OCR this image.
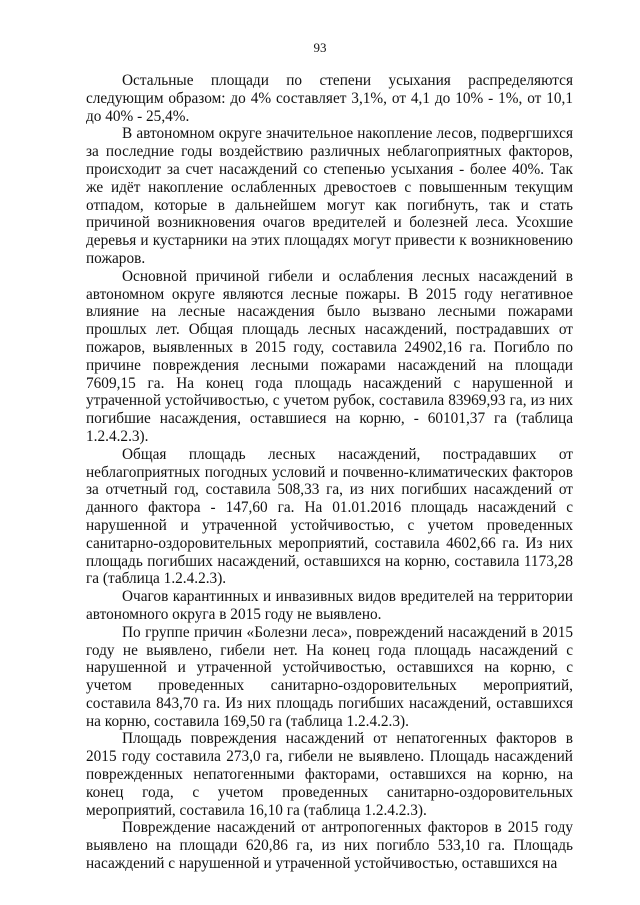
93

Остальные площади по степени усыхания распределяются следующим образом: до 4% составляет 3,1%, от 4,1 до 10% - 1%, от 10,1 до 40% - 25,4%.

В автономном округе значительное накопление лесов, подвергшихся за последние годы воздействию различных неблагоприятных факторов, происходит за счет насаждений со степенью усыхания - более 40%. Так же идёт накопление ослабленных древостоев с повышенным текущим отпадом, которые в дальнейшем могут как погибнуть, так и стать причиной возникновения очагов вредителей и болезней леса. Усохшие деревья и кустарники на этих площадях могут привести к возникновению пожаров.

Основной причиной гибели и ослабления лесных насаждений в автономном округе являются лесные пожары. В 2015 году негативное влияние на лесные насаждения было вызвано лесными пожарами прошлых лет. Общая площадь лесных насаждений, пострадавших от пожаров, выявленных в 2015 году, составила 24902,16 га. Погибло по причине повреждения лесными пожарами насаждений на площади 7609,15 га. На конец года площадь насаждений с нарушенной и утраченной устойчивостью, с учетом рубок, составила 83969,93 га, из них погибшие насаждения, оставшиеся на корню, - 60101,37 га (таблица 1.2.4.2.3).

Общая площадь лесных насаждений, пострадавших от неблагоприятных погодных условий и почвенно-климатических факторов за отчетный год, составила 508,33 га, из них погибших насаждений от данного фактора - 147,60 га. На 01.01.2016 площадь насаждений с нарушенной и утраченной устойчивостью, с учетом проведенных санитарно-оздоровительных мероприятий, составила 4602,66 га. Из них площадь погибших насаждений, оставшихся на корню, составила 1173,28 га (таблица 1.2.4.2.3).

Очагов карантинных и инвазивных видов вредителей на территории автономного округа в 2015 году не выявлено.

По группе причин «Болезни леса», повреждений насаждений в 2015 году не выявлено, гибели нет. На конец года площадь насаждений с нарушенной и утраченной устойчивостью, оставшихся на корню, с учетом проведенных санитарно-оздоровительных мероприятий, составила 843,70 га. Из них площадь погибших насаждений, оставшихся на корню, составила 169,50 га (таблица 1.2.4.2.3).

Площадь повреждения насаждений от непатогенных факторов в 2015 году составила 273,0 га, гибели не выявлено. Площадь насаждений поврежденных непатогенными факторами, оставшихся на корню, на конец года, с учетом проведенных санитарно-оздоровительных мероприятий, составила 16,10 га (таблица 1.2.4.2.3).

Повреждение насаждений от антропогенных факторов в 2015 году выявлено на площади 620,86 га, из них погибло 533,10 га. Площадь насаждений с нарушенной и утраченной устойчивостью, оставшихся на
